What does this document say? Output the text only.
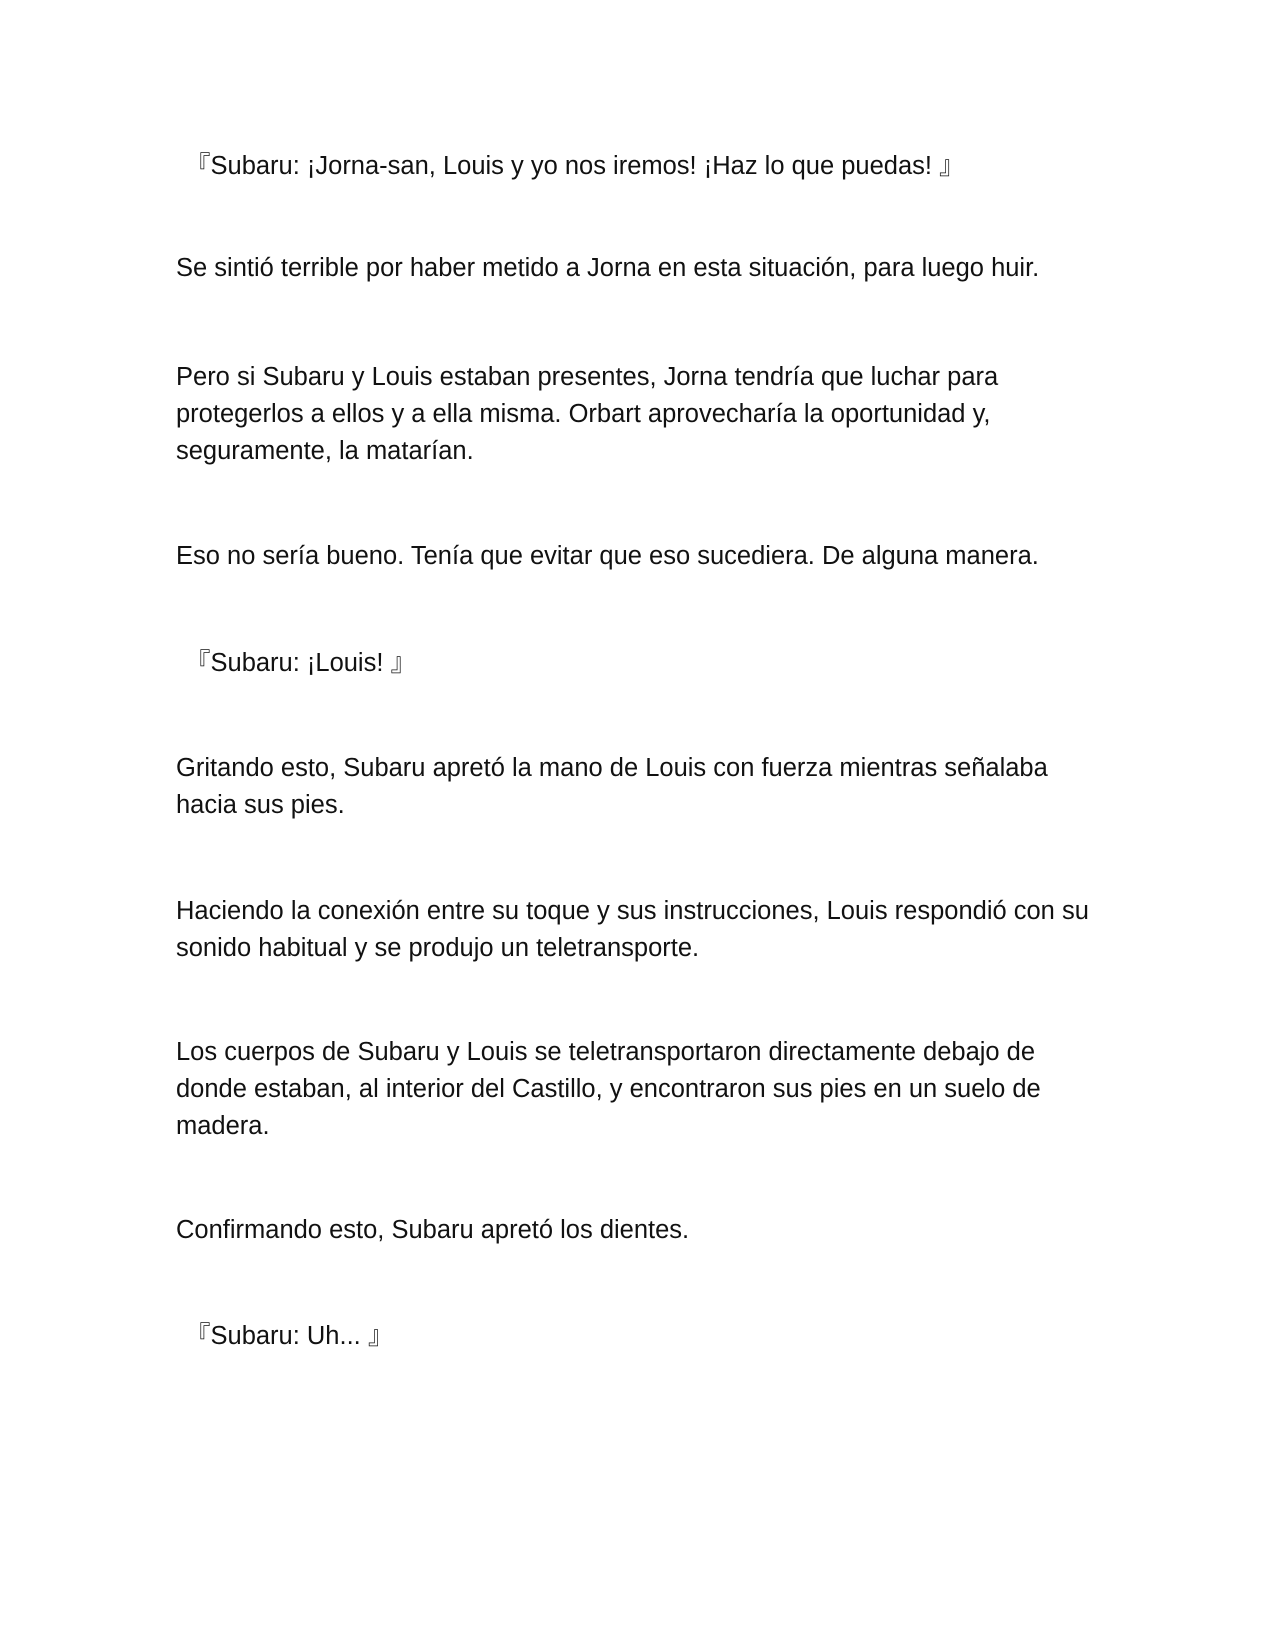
『Subaru: ¡Jorna-san, Louis y yo nos iremos! ¡Haz lo que puedas! 』

Se sintió terrible por haber metido a Jorna en esta situación, para luego huir.

Pero si Subaru y Louis estaban presentes, Jorna tendría que luchar para protegerlos a ellos y a ella misma. Orbart aprovecharía la oportunidad y, seguramente, la matarían.

Eso no sería bueno. Tenía que evitar que eso sucediera. De alguna manera.

『Subaru: ¡Louis! 』

Gritando esto, Subaru apretó la mano de Louis con fuerza mientras señalaba hacia sus pies.

Haciendo la conexión entre su toque y sus instrucciones, Louis respondió con su sonido habitual y se produjo un teletransporte.

Los cuerpos de Subaru y Louis se teletransportaron directamente debajo de donde estaban, al interior del Castillo, y encontraron sus pies en un suelo de madera.

Confirmando esto, Subaru apretó los dientes.

『Subaru: Uh... 』
